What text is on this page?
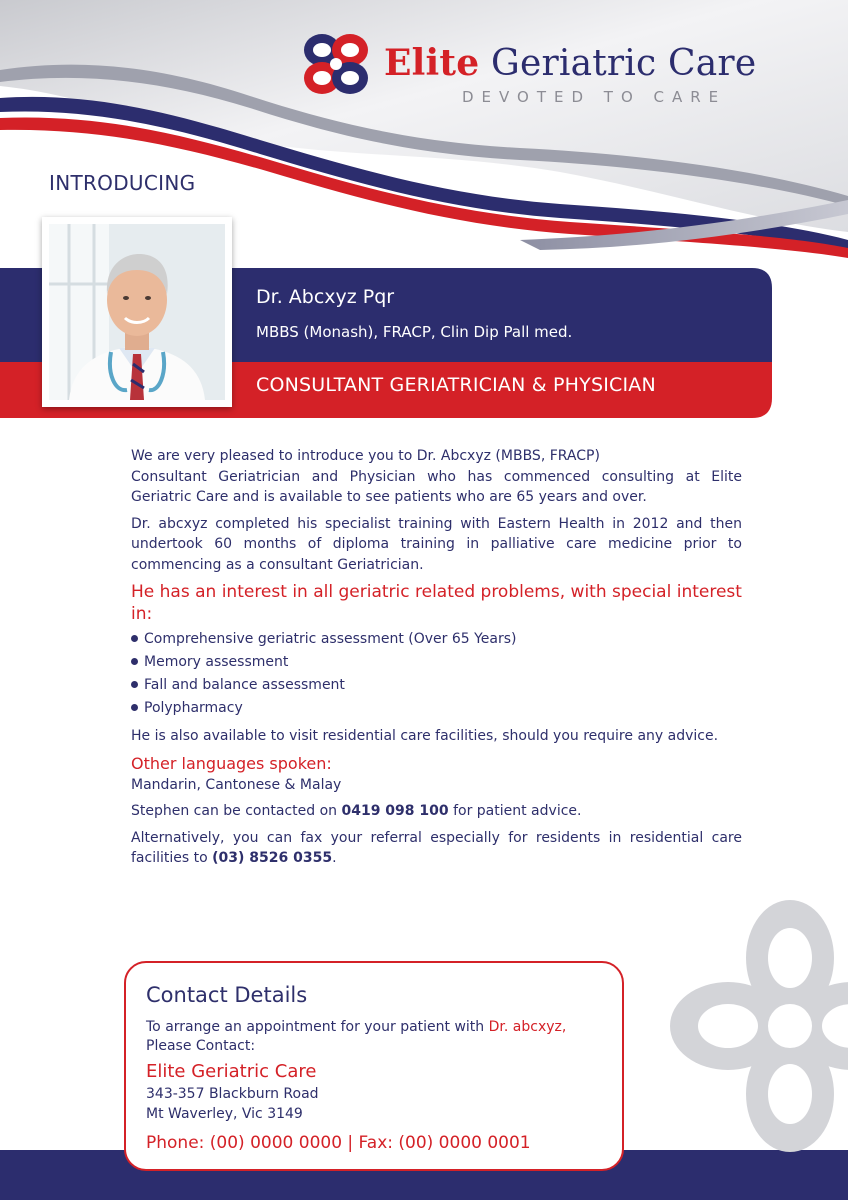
Elite Geriatric Care
DEVOTED TO CARE
INTRODUCING
Dr. Abcxyz Pqr
MBBS (Monash), FRACP, Clin Dip Pall med.
CONSULTANT GERIATRICIAN & PHYSICIAN

We are very pleased to introduce you to Dr. Abcxyz (MBBS, FRACP)

Consultant Geriatrician and Physician who has commenced consulting at Elite Geriatric Care and is available to see patients who are 65 years and over.

Dr. abcxyz completed his specialist training with Eastern Health in 2012 and then undertook 60 months of diploma training in palliative care medicine prior to commencing as a consultant Geriatrician.

He has an interest in all geriatric related problems, with special interest in:
Comprehensive geriatric assessment (Over 65 Years)
Memory assessment
Fall and balance assessment
Polypharmacy

He is also available to visit residential care facilities, should you require any advice.

Other languages spoken:

Mandarin, Cantonese & Malay

Stephen can be contacted on 0419 098 100 for patient advice.

Alternatively, you can fax your referral especially for residents in residential care facilities to (03) 8526 0355.

Contact Details
To arrange an appointment for your patient with Dr. abcxyz,
Please Contact:
Elite Geriatric Care
343-357 Blackburn Road
Mt Waverley, Vic 3149
Phone: (00) 0000 0000 | Fax: (00) 0000 0001
